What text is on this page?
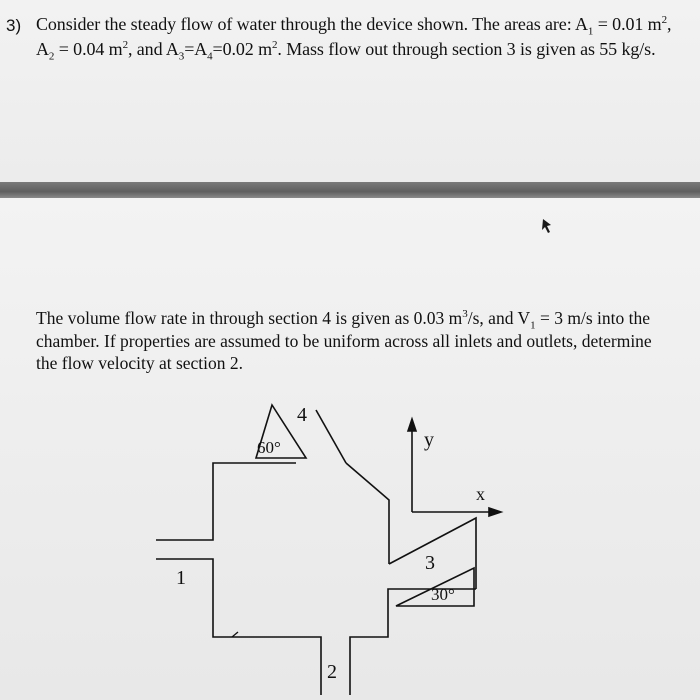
3) Consider the steady flow of water through the device shown. The areas are: $A_1 = 0.01$ $m^2$,
$A_2 = 0.04$ $m^2$, and $A_3=A_4=0.02$ $m^2$. Mass flow out through section 3 is given as 55 kg/s.
The volume flow rate in through section 4 is given as 0.03 $m^3/s$, and $V_1 = 3$ m/s into the
chamber. If properties are assumed to be uniform across all inlets and outlets, determine
the flow velocity at section 2.
4
60°	y
x
1
3
30°
2
